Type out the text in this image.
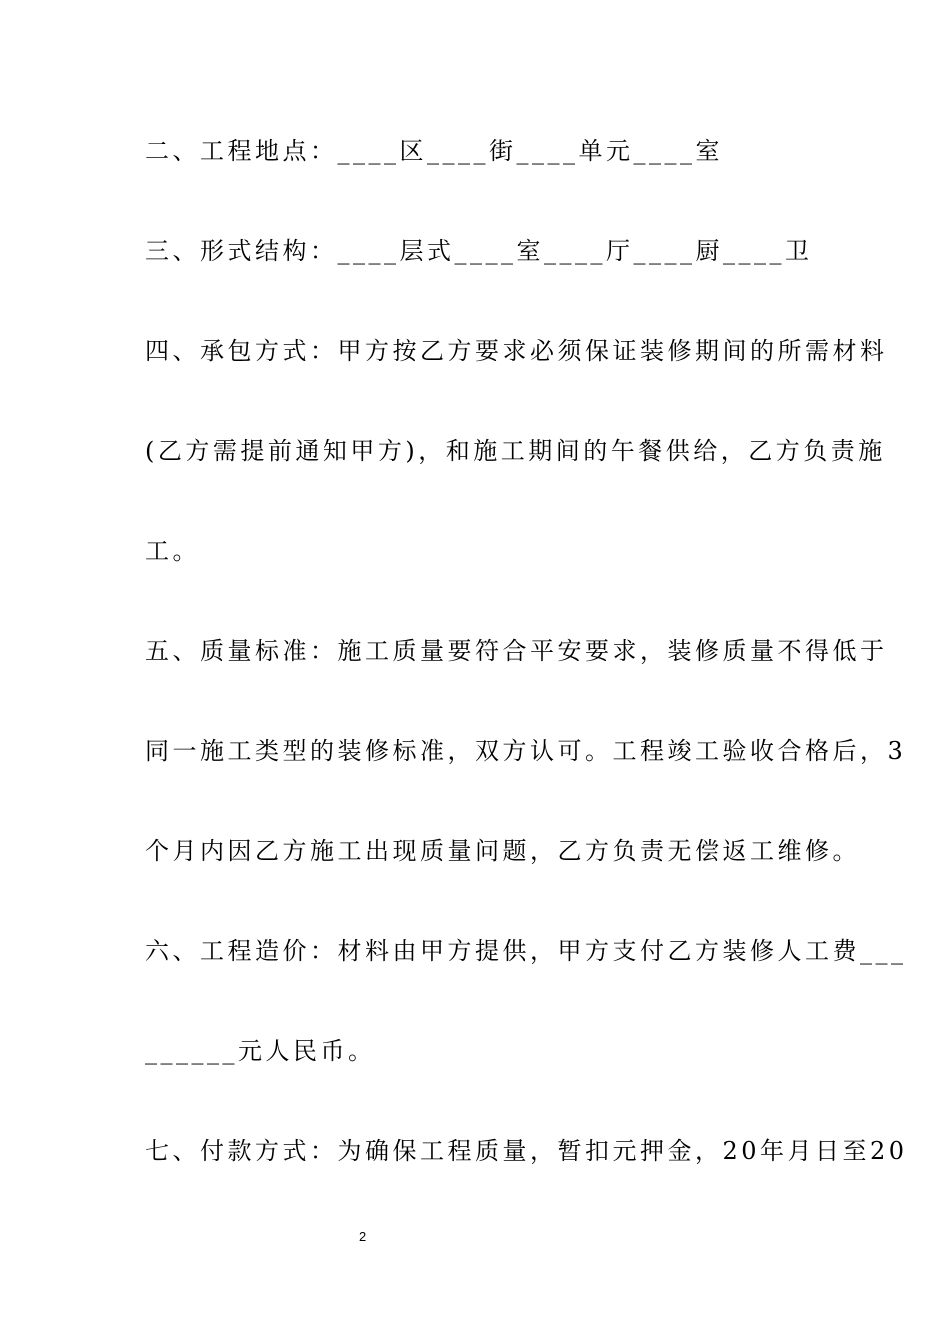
二、工程地点：____区____街____单元____室
三、形式结构：____层式____室____厅____厨____卫
四、承包方式：甲方按乙方要求必须保证装修期间的所需材料
(乙方需提前通知甲方)，和施工期间的午餐供给，乙方负责施
工。
五、质量标准：施工质量要符合平安要求，装修质量不得低于
同一施工类型的装修标准，双方认可。工程竣工验收合格后，3
个月内因乙方施工出现质量问题，乙方负责无偿返工维修。
六、工程造价：材料由甲方提供，甲方支付乙方装修人工费___
______元人民币。
七、付款方式：为确保工程质量，暂扣元押金，20年月日至20
2
